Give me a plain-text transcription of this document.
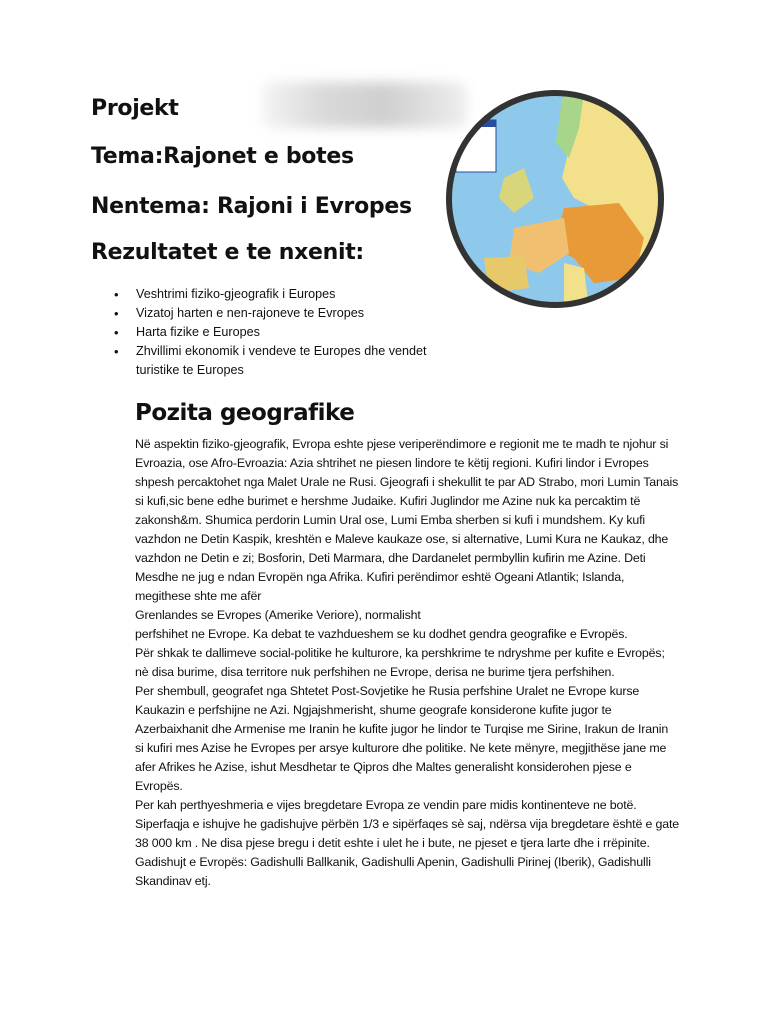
Projekt
Tema:Rajonet e botes
Nentema: Rajoni i Evropes
Rezultatet e te nxenit:
• Veshtrimi fiziko-gjeografik i Europes
• Vizatoj harten e nen-rajoneve te Evropes
• Harta fizike e Europes
• Zhvillimi ekonomik i vendeve te Europes dhe vendet turistike te Europes
Pozita geografike

Në aspektin fiziko-gjeografik, Evropa eshte pjese veriperëndimore e regionit me te madh te njohur si Evroazia, ose Afro-Evroazia: Azia shtrihet ne piesen lindore te këtij regioni. Kufiri lindor i Evropes shpesh percaktohet nga Malet Urale ne Rusi. Gjeografi i shekullit te par AD Strabo, mori Lumin Tanais si kufi,sic bene edhe burimet e hershme Judaike. Kufiri Juglindor me Azine nuk ka percaktim të zakonsh&m. Shumica perdorin Lumin Ural ose, Lumi Emba sherben si kufi i mundshem. Ky kufi vazhdon ne Detin Kaspik, kreshtën e Maleve kaukaze ose, si alternative, Lumi Kura ne Kaukaz, dhe vazhdon ne Detin e zi; Bosforin, Deti Marmara, dhe Dardanelet permbyllin kufirin me Azine. Deti Mesdhe ne jug e ndan Evropën nga Afrika. Kufiri perëndimor eshtë Ogeani Atlantik; Islanda, megithese shte me afër

Grenlandes se Evropes (Amerike Veriore), normalisht

perfshihet ne Evrope. Ka debat te vazhdueshem se ku dodhet gendra geografike e Evropës.

Për shkak te dallimeve social-politike he kulturore, ka pershkrime te ndryshme per kufite e Evropës; nè disa burime, disa territore nuk perfshihen ne Evrope, derisa ne burime tjera perfshihen.

Per shembull, geografet nga Shtetet Post-Sovjetike he Rusia perfshine Uralet ne Evrope kurse Kaukazin e perfshijne ne Azi. Ngjajshmerisht, shume geografe konsiderone kufite jugor te Azerbaixhanit dhe Armenise me Iranin he kufite jugor he lindor te Turqise me Sirine, Irakun de Iranin si kufiri mes Azise he Evropes per arsye kulturore dhe politike. Ne kete mënyre, megjithëse jane me afer Afrikes he Azise, ishut Mesdhetar te Qipros dhe Maltes generalisht konsiderohen pjese e Evropës.

Per kah perthyeshmeria e vijes bregdetare Evropa ze vendin pare midis kontinenteve ne botë. Siperfaqja e ishujve he gadishujve përbën 1/3 e sipërfaqes sè saj, ndërsa vija bregdetare është e gate 38 000 km . Ne disa pjese bregu i detit eshte i ulet he i bute, ne pjeset e tjera larte dhe i rrëpinite.

Gadishujt e Evropës: Gadishulli Ballkanik, Gadishulli Apenin, Gadishulli Pirinej (Iberik), Gadishulli Skandinav etj.
